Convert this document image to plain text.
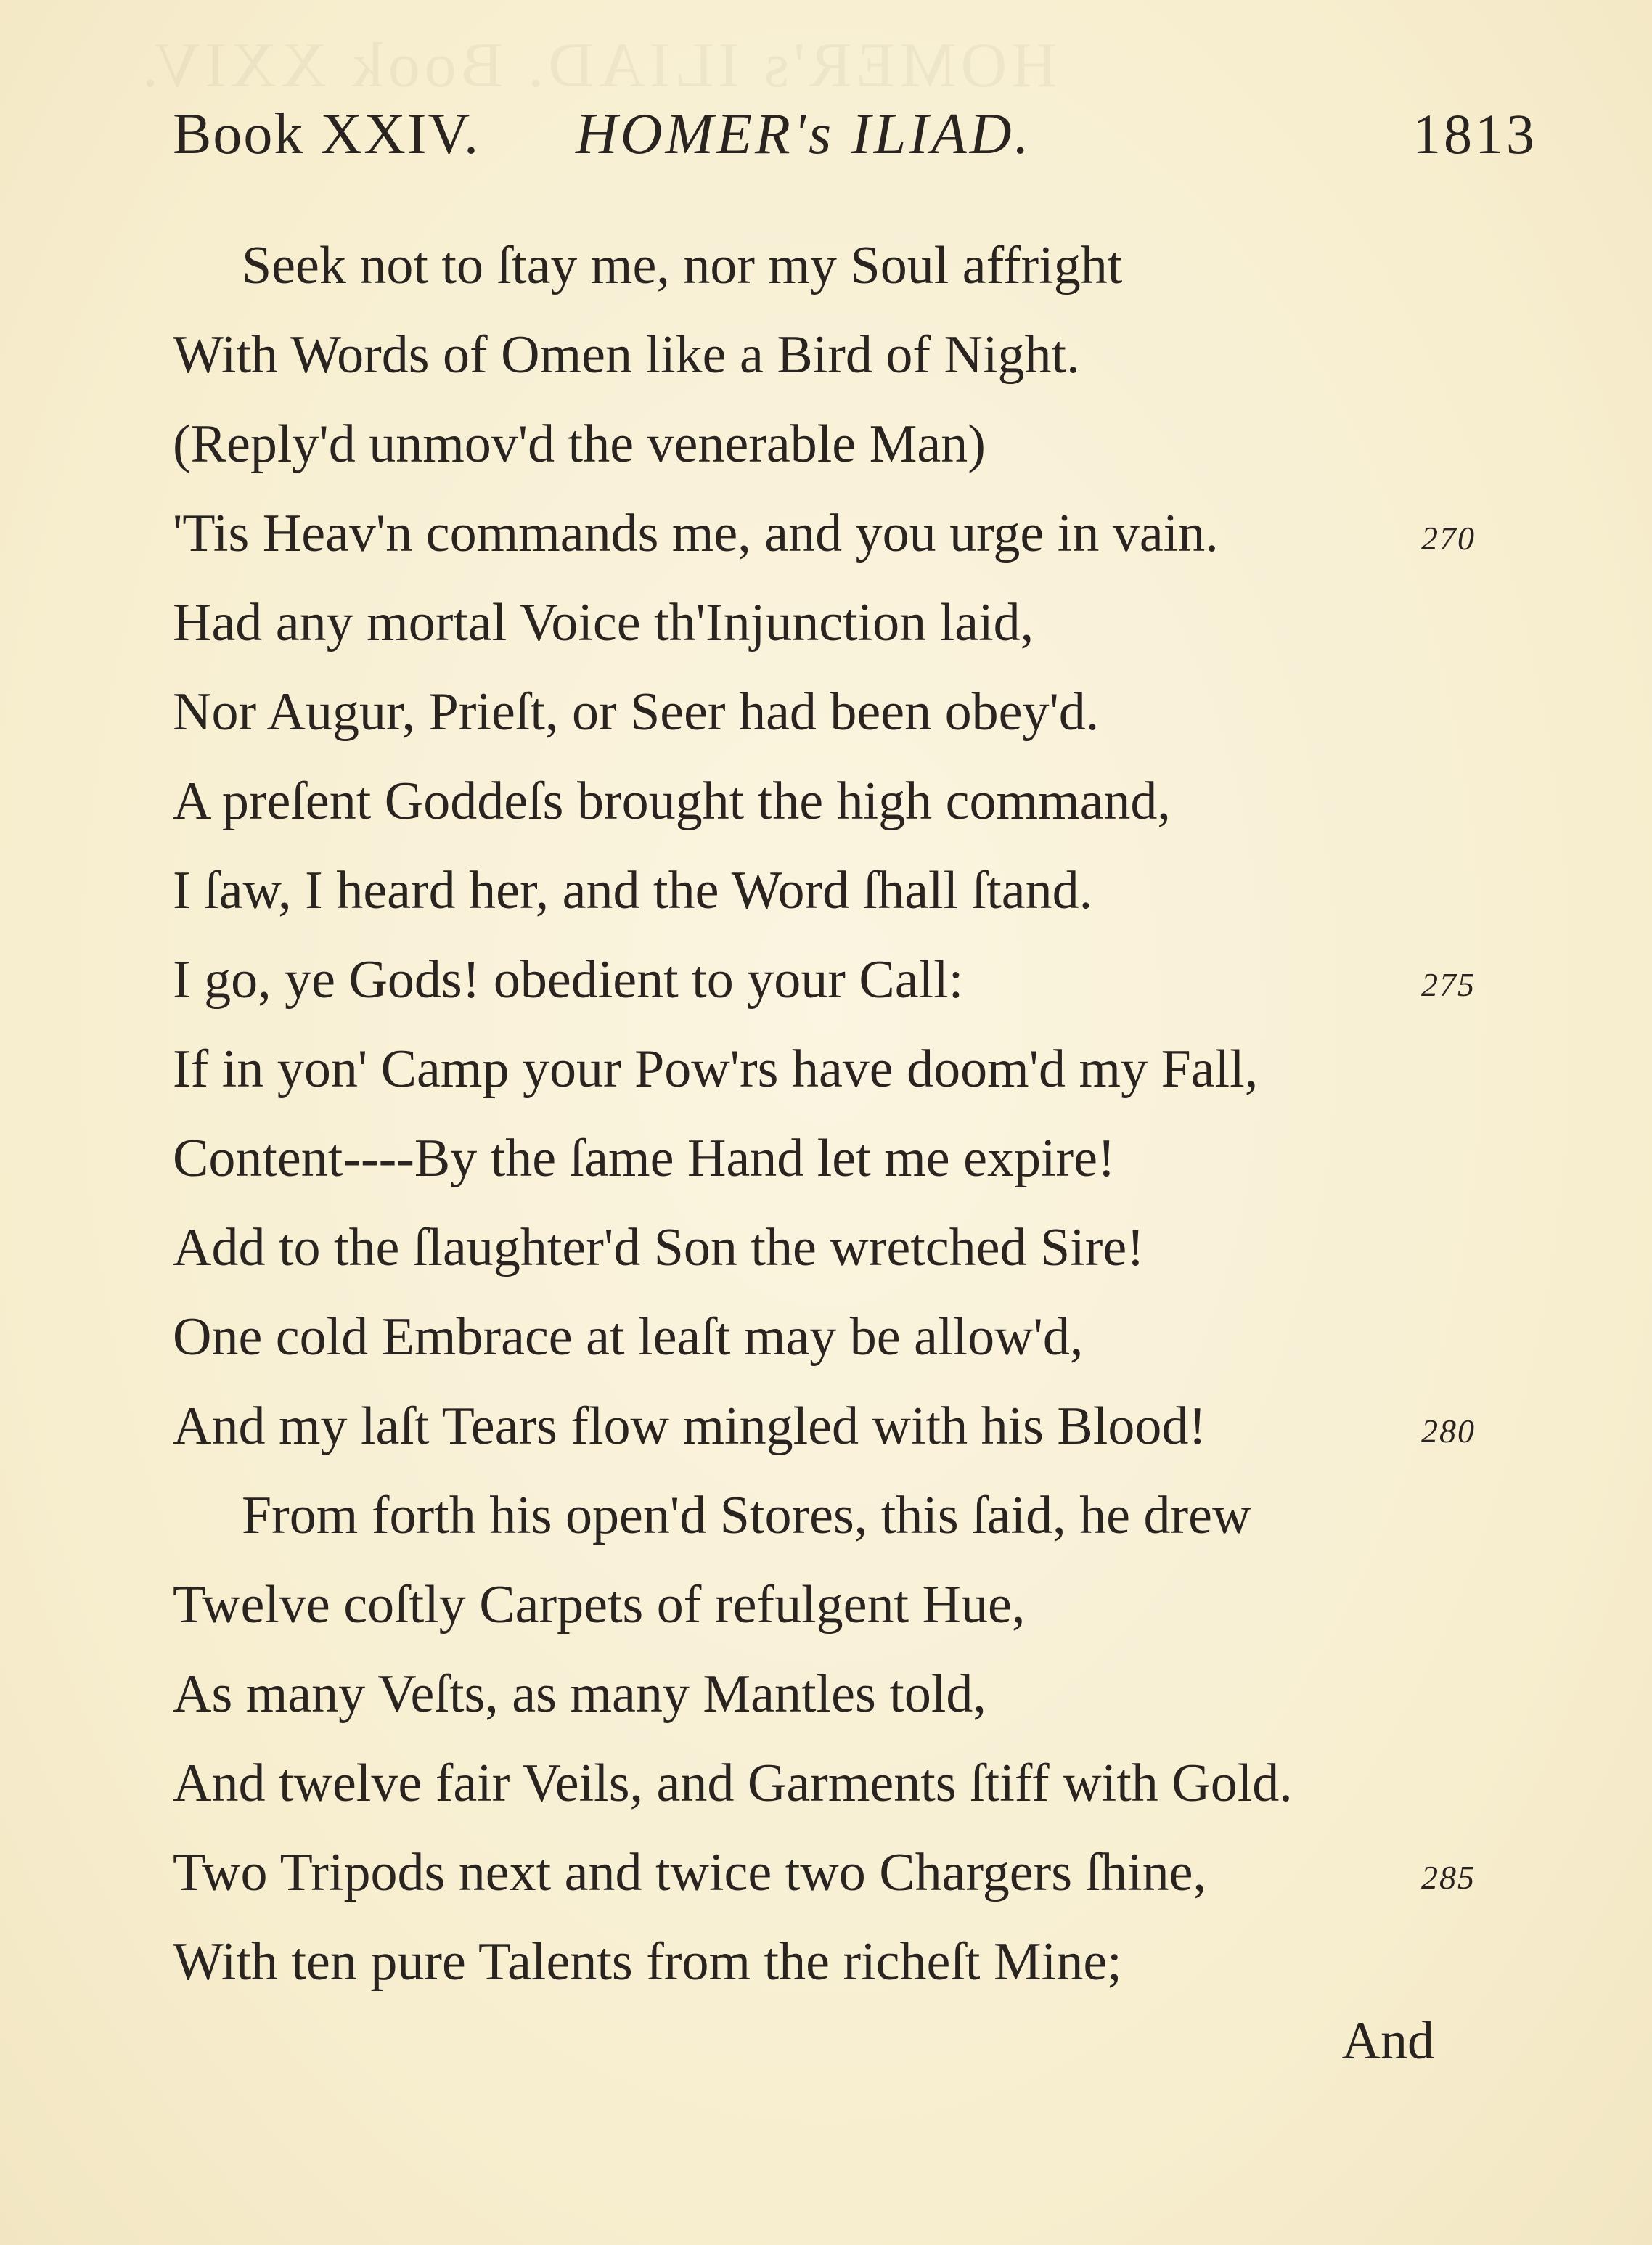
HOMER's ILIAD. Book XXIV.
Book XXIV. HOMER's ILIAD.	1813
Seek not to ſtay me, nor my Soul affright
With Words of Omen like a Bird of Night.
(Reply'd unmov'd the venerable Man)
'Tis Heav'n commands me, and you urge in vain.	270
Had any mortal Voice th'Injunction laid,
Nor Augur, Prieſt, or Seer had been obey'd.
A preſent Goddeſs brought the high command,
I ſaw, I heard her, and the Word ſhall ſtand.
I go, ye Gods! obedient to your Call:	275
If in yon' Camp your Pow'rs have doom'd my Fall,
Content----By the ſame Hand let me expire!
Add to the ſlaughter'd Son the wretched Sire!
One cold Embrace at leaſt may be allow'd,
And my laſt Tears flow mingled with his Blood!	280
From forth his open'd Stores, this ſaid, he drew
Twelve coſtly Carpets of refulgent Hue,
As many Veſts, as many Mantles told,
And twelve fair Veils, and Garments ſtiff with Gold.
Two Tripods next and twice two Chargers ſhine,	285
With ten pure Talents from the richeſt Mine;
And
